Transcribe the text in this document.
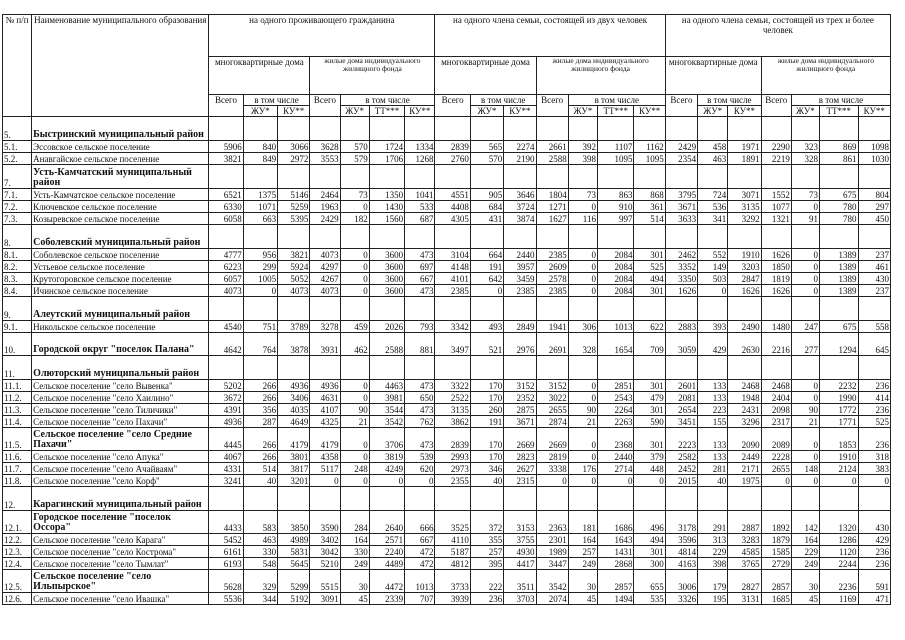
№ п/п	Наименование муниципального образования	на одного проживающего гражданина							на одного члена семьи, состоящей из двух человек							на одного члена семьи, состоящей из трех и более человек						
		многоквартирные дома			жилые дома индивидуального жилищного фонда				многоквартирные дома			жилые дома индивидуального жилищного фонда				многоквартирные дома			жилые дома индивидуального жилищного фонда			
		Всего	в том числе		Всего	в том числе			Всего	в том числе		Всего	в том числе			Всего	в том числе		Всего	в том числе		
			ЖУ*	КУ**		ЖУ*	ТТ***	КУ**		ЖУ*	КУ**		ЖУ*	ТТ***	КУ**		ЖУ*	КУ**		ЖУ*	ТТ***	КУ**
5.	Быстринский муниципальный район																					
5.1.	Эссовское сельское поселение	5906	840	3066	3628	570	1724	1334	2839	565	2274	2661	392	1107	1162	2429	458	1971	2290	323	869	1098
5.2.	Анавгайское сельское поселение	3821	849	2972	3553	579	1706	1268	2760	570	2190	2588	398	1095	1095	2354	463	1891	2219	328	861	1030
7.	Усть-Камчатский муниципальный район																					
7.1.	Усть-Камчатское сельское поселение	6521	1375	5146	2464	73	1350	1041	4551	905	3646	1804	73	863	868	3795	724	3071	1552	73	675	804
7.2.	Ключевское сельское поселение	6330	1071	5259	1963	0	1430	533	4408	684	3724	1271	0	910	361	3671	536	3135	1077	0	780	297
7.3.	Козыревское сельское поселение	6058	663	5395	2429	182	1560	687	4305	431	3874	1627	116	997	514	3633	341	3292	1321	91	780	450
8.	Соболевский муниципальный район																					
8.1.	Соболевское сельское поселение	4777	956	3821	4073	0	3600	473	3104	664	2440	2385	0	2084	301	2462	552	1910	1626	0	1389	237
8.2.	Устьевое сельское поселение	6223	299	5924	4297	0	3600	697	4148	191	3957	2609	0	2084	525	3352	149	3203	1850	0	1389	461
8.3.	Крутогоровское сельское поселение	6057	1005	5052	4267	0	3600	667	4101	642	3459	2578	0	2084	494	3350	503	2847	1819	0	1389	430
8.4.	Ичинское сельское поселение	4073	0	4073	4073	0	3600	473	2385	0	2385	2385	0	2084	301	1626	0	1626	1626	0	1389	237
9.	Алеутский муниципальный район																					
9.1.	Никольское сельское поселение	4540	751	3789	3278	459	2026	793	3342	493	2849	1941	306	1013	622	2883	393	2490	1480	247	675	558
10.	Городской округ "поселок Палана"	4642	764	3878	3931	462	2588	881	3497	521	2976	2691	328	1654	709	3059	429	2630	2216	277	1294	645
11.	Олюторский муниципальный район																					
11.1.	Сельское поселение "село Вывенка"	5202	266	4936	4936	0	4463	473	3322	170	3152	3152	0	2851	301	2601	133	2468	2468	0	2232	236
11.2.	Сельское поселение "село Хаилино"	3672	266	3406	4631	0	3981	650	2522	170	2352	3022	0	2543	479	2081	133	1948	2404	0	1990	414
11.3.	Сельское поселение "село Тиличики"	4391	356	4035	4107	90	3544	473	3135	260	2875	2655	90	2264	301	2654	223	2431	2098	90	1772	236
11.4.	Сельское поселение "село Пахачи"	4936	287	4649	4325	21	3542	762	3862	191	3671	2874	21	2263	590	3451	155	3296	2317	21	1771	525
11.5.	Сельское поселение "село Средние Пахачи"	4445	266	4179	4179	0	3706	473	2839	170	2669	2669	0	2368	301	2223	133	2090	2089	0	1853	236
11.6.	Сельское поселение "село Апука"	4067	266	3801	4358	0	3819	539	2993	170	2823	2819	0	2440	379	2582	133	2449	2228	0	1910	318
11.7.	Сельское поселение "село Ачайваям"	4331	514	3817	5117	248	4249	620	2973	346	2627	3338	176	2714	448	2452	281	2171	2655	148	2124	383
11.8.	Сельское поселение "село Корф"	3241	40	3201	0	0	0	0	2355	40	2315	0	0	0	0	2015	40	1975	0	0	0	0
12.	Карагинский муниципальный район																					
12.1.	Городское поселение "поселок Оссора"	4433	583	3850	3590	284	2640	666	3525	372	3153	2363	181	1686	496	3178	291	2887	1892	142	1320	430
12.2.	Сельское поселение "село Карага"	5452	463	4989	3402	164	2571	667	4110	355	3755	2301	164	1643	494	3596	313	3283	1879	164	1286	429
12.3.	Сельское поселение "село Кострома"	6161	330	5831	3042	330	2240	472	5187	257	4930	1989	257	1431	301	4814	229	4585	1585	229	1120	236
12.4.	Сельское поселение "село Тымлат"	6193	548	5645	5210	249	4489	472	4812	395	4417	3447	249	2868	300	4163	398	3765	2729	249	2244	236
12.5.	Сельское поселение "село Ильпырское"	5628	329	5299	5515	30	4472	1013	3733	222	3511	3542	30	2857	655	3006	179	2827	2857	30	2236	591
12.6.	Сельское поселение "село Ивашка"	5536	344	5192	3091	45	2339	707	3939	236	3703	2074	45	1494	535	3326	195	3131	1685	45	1169	471
